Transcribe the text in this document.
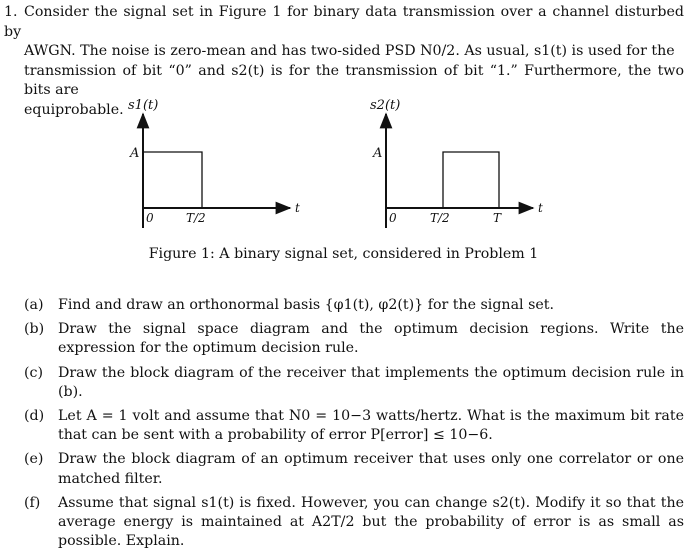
1. Consider the signal set in Figure 1 for binary data transmission over a channel disturbed by

AWGN. The noise is zero-mean and has two-sided PSD N0/2. As usual, s1(t) is used for the
transmission of bit “0” and s2(t) is for the transmission of bit “1.” Furthermore, the two bits are
equiprobable. s1(t)
t
A
0	T/2
s2(t)
t
A
0	T/2	T
Figure 1: A binary signal set, considered in Problem 1
(a) Find and draw an orthonormal basis {φ1(t), φ2(t)} for the signal set.
(b) Draw the signal space diagram and the optimum decision regions. Write the expression for the optimum decision rule.
(c) Draw the block diagram of the receiver that implements the optimum decision rule in (b).
(d) Let A = 1 volt and assume that N0 = 10−3 watts/hertz. What is the maximum bit rate that can be sent with a probability of error P[error] ≤ 10−6.
(e) Draw the block diagram of an optimum receiver that uses only one correlator or one matched filter.
(f) Assume that signal s1(t) is fixed. However, you can change s2(t). Modify it so that the average energy is maintained at A2T/2 but the probability of error is as small as possible. Explain.
